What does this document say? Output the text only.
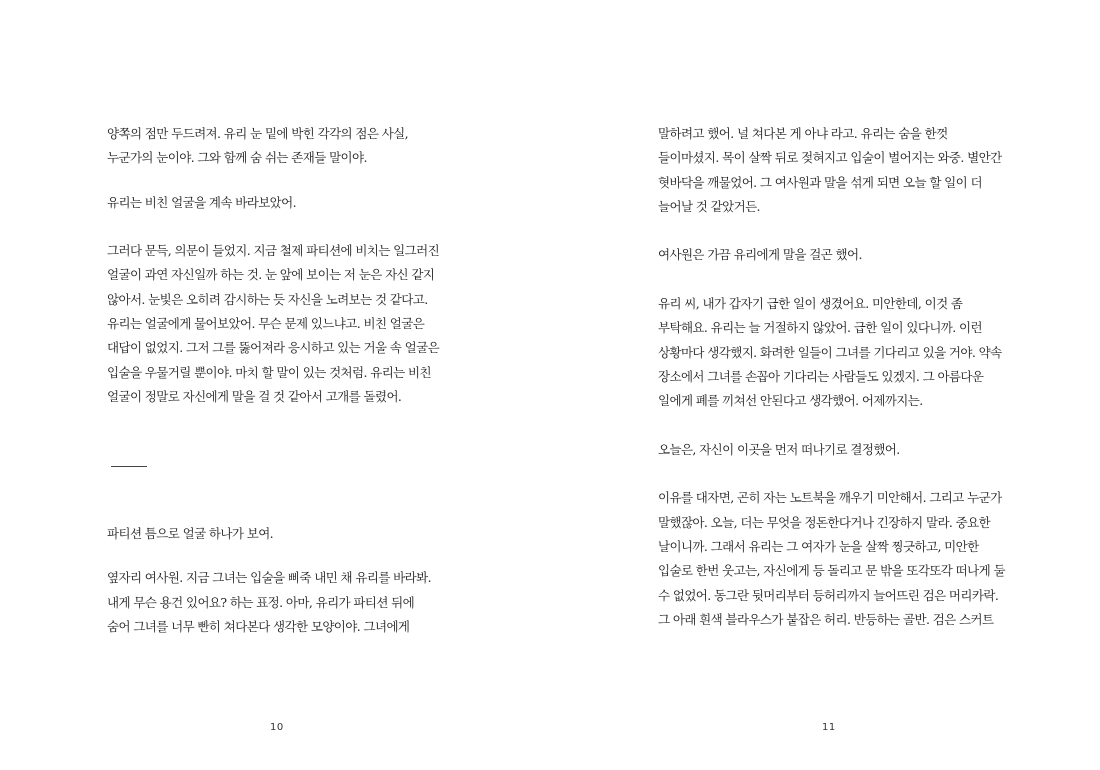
양쪽의 점만 두드려져. 유리 눈 밑에 박힌 각각의 점은 사실,
누군가의 눈이야. 그와 함께 숨 쉬는 존재들 말이야.
유리는 비친 얼굴을 계속 바라보았어.
그러다 문득, 의문이 들었지. 지금 철제 파티션에 비치는 일그러진
얼굴이 과연 자신일까 하는 것. 눈 앞에 보이는 저 눈은 자신 같지
않아서. 눈빛은 오히려 감시하는 듯 자신을 노려보는 것 같다고.
유리는 얼굴에게 물어보았어. 무슨 문제 있느냐고. 비친 얼굴은
대답이 없었지. 그저 그를 뚫어져라 응시하고 있는 거울 속 얼굴은
입술을 우물거릴 뿐이야. 마치 할 말이 있는 것처럼. 유리는 비친
얼굴이 정말로 자신에게 말을 걸 것 같아서 고개를 돌렸어.
파티션 틈으로 얼굴 하나가 보여.
옆자리 여사원. 지금 그녀는 입술을 삐죽 내민 채 유리를 바라봐.
내게 무슨 용건 있어요? 하는 표정. 아마, 유리가 파티션 뒤에
숨어 그녀를 너무 빤히 쳐다본다 생각한 모양이야. 그녀에게
10
말하려고 했어. 널 쳐다본 게 아냐 라고. 유리는 숨을 한껏
들이마셨지. 목이 살짝 뒤로 젖혀지고 입술이 벌어지는 와중. 별안간
혓바닥을 깨물었어. 그 여사원과 말을 섞게 되면 오늘 할 일이 더
늘어날 것 같았거든.
여사원은 가끔 유리에게 말을 걸곤 했어.
유리 씨, 내가 갑자기 급한 일이 생겼어요. 미안한데, 이것 좀
부탁해요. 유리는 늘 거절하지 않았어. 급한 일이 있다니까. 이런
상황마다 생각했지. 화려한 일들이 그녀를 기다리고 있을 거야. 약속
장소에서 그녀를 손꼽아 기다리는 사람들도 있겠지. 그 아름다운
일에게 폐를 끼쳐선 안된다고 생각했어. 어제까지는.
오늘은, 자신이 이곳을 먼저 떠나기로 결정했어.
이유를 대자면, 곤히 자는 노트북을 깨우기 미안해서. 그리고 누군가
말했잖아. 오늘, 더는 무엇을 정돈한다거나 긴장하지 말라. 중요한
날이니까. 그래서 유리는 그 여자가 눈을 살짝 찡긋하고, 미안한
입술로 한번 웃고는, 자신에게 등 돌리고 문 밖을 또각또각 떠나게 둘
수 없었어. 동그란 뒷머리부터 등허리까지 늘어뜨린 검은 머리카락.
그 아래 흰색 블라우스가 붙잡은 허리. 반등하는 골반. 검은 스커트
11
